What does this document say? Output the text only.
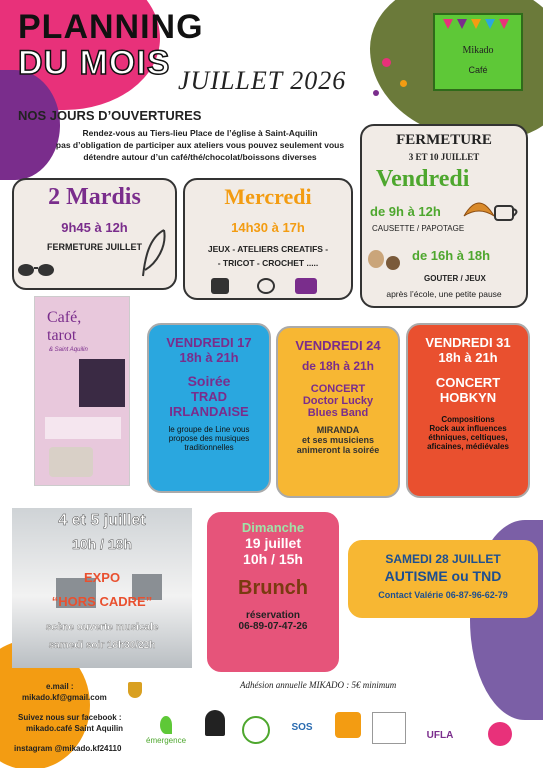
PLANNING
DU MOIS JUILLET 2026
Mikado
Café
NOS JOURS D’OUVERTURES
Rendez-vous au Tiers-lieu Place de l’église à Saint-Aquilin
pas d’obligation de participer aux ateliers vous pouvez seulement vous
détendre autour d’un café/thé/chocolat/boissons diverses
2 Mardis
9h45 à 12h
FERMETURE JUILLET
Mercredi
14h30 à 17h
JEUX - ATELIERS CREATIFS -
- TRICOT - CROCHET .....
FERMETURE
3 ET 10 JUILLET
Vendredi
de 9h à 12h
CAUSETTE / PAPOTAGE
de 16h à 18h
GOUTER / JEUX
après l’école, une petite pause
Café,
tarot
& Saint Aquilin	VENDREDI 17
18h à 21h
Soirée
TRAD
IRLANDAISE
le groupe de Line vous
propose des musiques
traditionnelles
VENDREDI 24
de 18h à 21h
CONCERT
Doctor Lucky
Blues Band
MIRANDA
et ses musiciens
animeront la soirée
VENDREDI 31
18h à 21h
CONCERT
HOBKYN
Compositions
Rock aux influences
éthniques, celtiques,
aficaines, médiévales
4 et 5 juillet
10h / 18h
EXPO
“HORS CADRE”
scène ouverte musicale
samedi soir 18h30/22h
Dimanche
19 juillet
10h / 15h
Brunch
réservation
06-89-07-47-26
SAMEDI 28 JUILLET
AUTISME ou TND
Contact Valérie 06-87-96-62-79
e.mail :
mikado.kf@gmail.com
Suivez nous sur facebook :
mikado.café Saint Aquilin
instagram @mikado.kf24110
Adhésion annuelle MIKADO : 5€ minimum
émergence
SOS
UFLA
